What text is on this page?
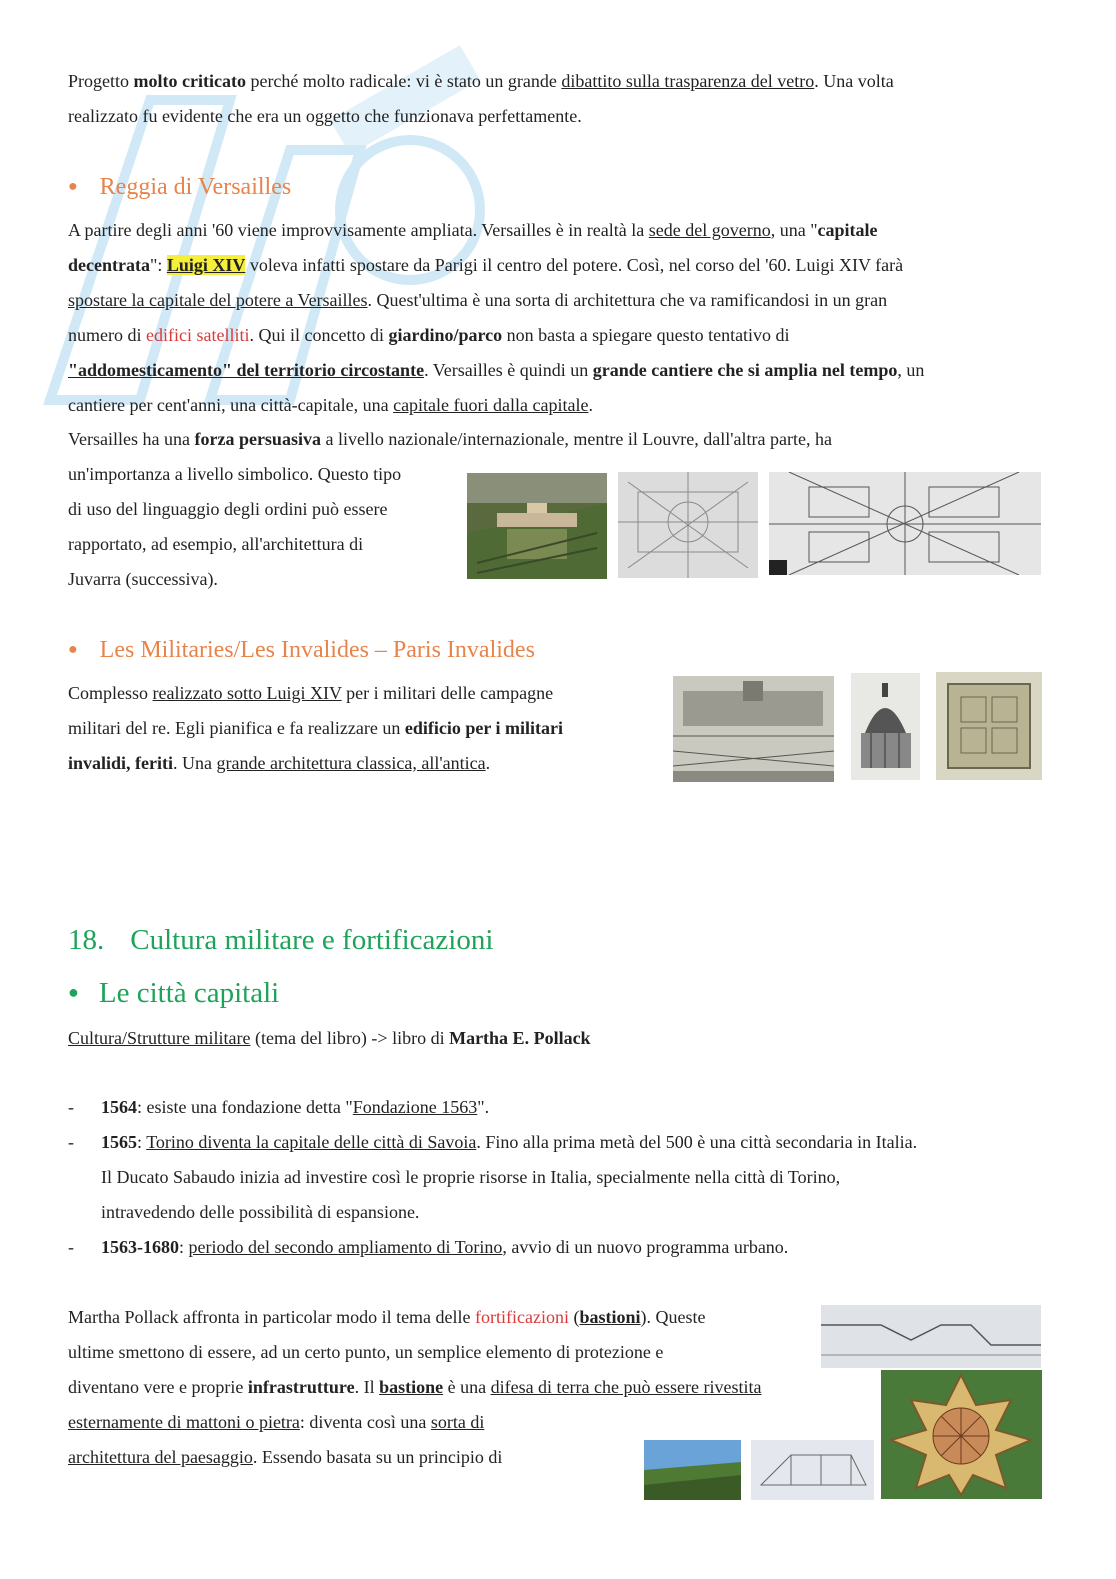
Progetto molto criticato perché molto radicale: vi è stato un grande dibattito sulla trasparenza del vetro. Una volta
realizzato fu evidente che era un oggetto che funzionava perfettamente.
● Reggia di Versailles
A partire degli anni '60 viene improvvisamente ampliata. Versailles è in realtà la sede del governo, una "capitale
decentrata": Luigi XIV voleva infatti spostare da Parigi il centro del potere. Così, nel corso del '60. Luigi XIV farà
spostare la capitale del potere a Versailles. Quest'ultima è una sorta di architettura che va ramificandosi in un gran
numero di edifici satelliti. Qui il concetto di giardino/parco non basta a spiegare questo tentativo di
"addomesticamento" del territorio circostante. Versailles è quindi un grande cantiere che si amplia nel tempo, un
cantiere per cent'anni, una città-capitale, una capitale fuori dalla capitale.
Versailles ha una forza persuasiva a livello nazionale/internazionale, mentre il Louvre, dall'altra parte, ha
un'importanza a livello simbolico. Questo tipo
di uso del linguaggio degli ordini può essere
rapportato, ad esempio, all'architettura di
Juvarra (successiva).
● Les Militaries/Les Invalides – Paris Invalides
Complesso realizzato sotto Luigi XIV per i militari delle campagne
militari del re. Egli pianifica e fa realizzare un edificio per i militari
invalidi, feriti. Una grande architettura classica, all'antica.
18. Cultura militare e fortificazioni
● Le città capitali
Cultura/Strutture militare (tema del libro) -> libro di Martha E. Pollack
- 1564: esiste una fondazione detta "Fondazione 1563".
- 1565: Torino diventa la capitale delle città di Savoia. Fino alla prima metà del 500 è una città secondaria in Italia.
Il Ducato Sabaudo inizia ad investire così le proprie risorse in Italia, specialmente nella città di Torino,
intravedendo delle possibilità di espansione.
- 1563-1680: periodo del secondo ampliamento di Torino, avvio di un nuovo programma urbano.
Martha Pollack affronta in particolar modo il tema delle fortificazioni (bastioni). Queste
ultime smettono di essere, ad un certo punto, un semplice elemento di protezione e
diventano vere e proprie infrastrutture. Il bastione è una difesa di terra che può essere rivestita
esternamente di mattoni o pietra: diventa così una sorta di
architettura del paesaggio. Essendo basata su un principio di
